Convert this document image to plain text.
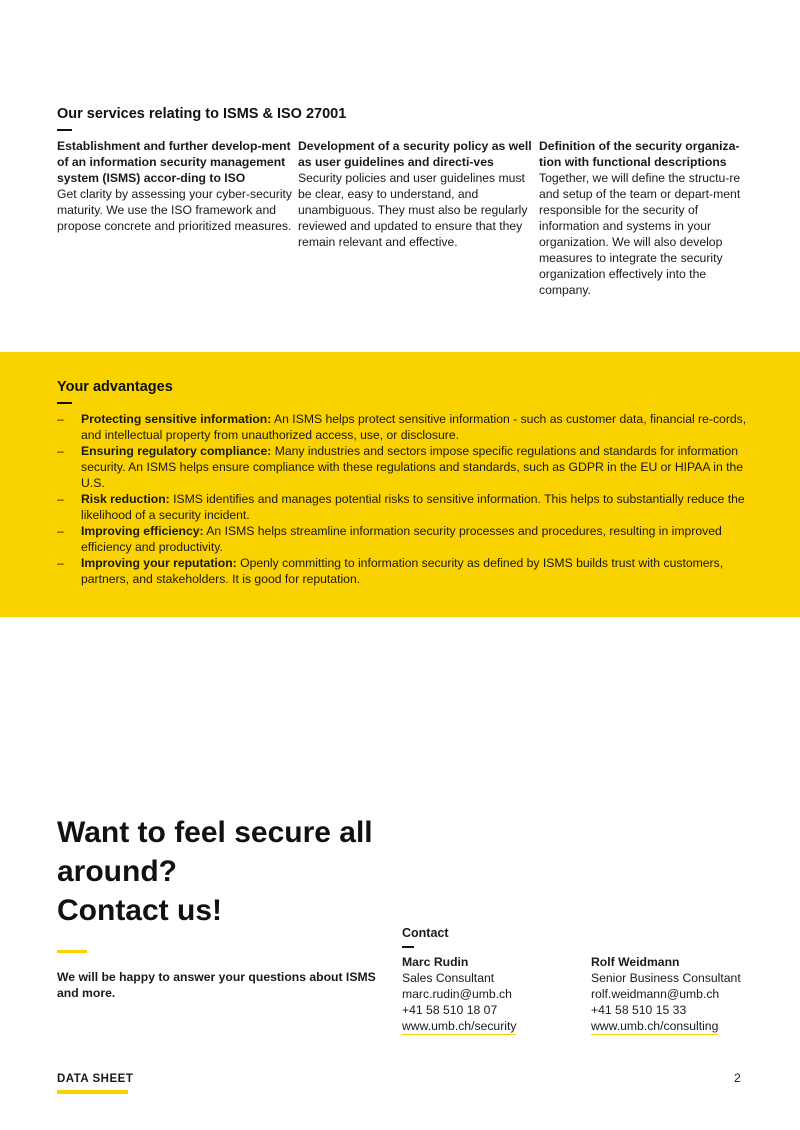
Our services relating to ISMS & ISO 27001
Establishment and further develop-ment of an information security management system (ISMS) accor-ding to ISO

Get clarity by assessing your cyber-security maturity. We use the ISO framework and propose concrete and prioritized measures.

Development of a security policy as well as user guidelines and directi-ves

Security policies and user guidelines must be clear, easy to understand, and unambiguous. They must also be regularly reviewed and updated to ensure that they remain relevant and effective.

Definition of the security organiza-tion with functional descriptions

Together, we will define the structu-re and setup of the team or depart-ment responsible for the security of information and systems in your organization. We will also develop measures to integrate the security organization effectively into the company.

Your advantages
– Protecting sensitive information: An ISMS helps protect sensitive information - such as customer data, financial re-cords, and intellectual property from unauthorized access, use, or disclosure.
– Ensuring regulatory compliance: Many industries and sectors impose specific regulations and standards for information security. An ISMS helps ensure compliance with these regulations and standards, such as GDPR in the EU or HIPAA in the U.S.
– Risk reduction: ISMS identifies and manages potential risks to sensitive information. This helps to substantially reduce the likelihood of a security incident.
– Improving efficiency: An ISMS helps streamline information security processes and procedures, resulting in improved efficiency and productivity.
– Improving your reputation: Openly committing to information security as defined by ISMS builds trust with customers, partners, and stakeholders. It is good for reputation.
Want to feel secure all
around?
Contact us!

We will be happy to answer your questions about ISMS and more.

Contact
Marc Rudin
Sales Consultant
marc.rudin@umb.ch
+41 58 510 18 07
www.umb.ch/security
Rolf Weidmann
Senior Business Consultant
rolf.weidmann@umb.ch
+41 58 510 15 33
www.umb.ch/consulting
DATA SHEET	2
